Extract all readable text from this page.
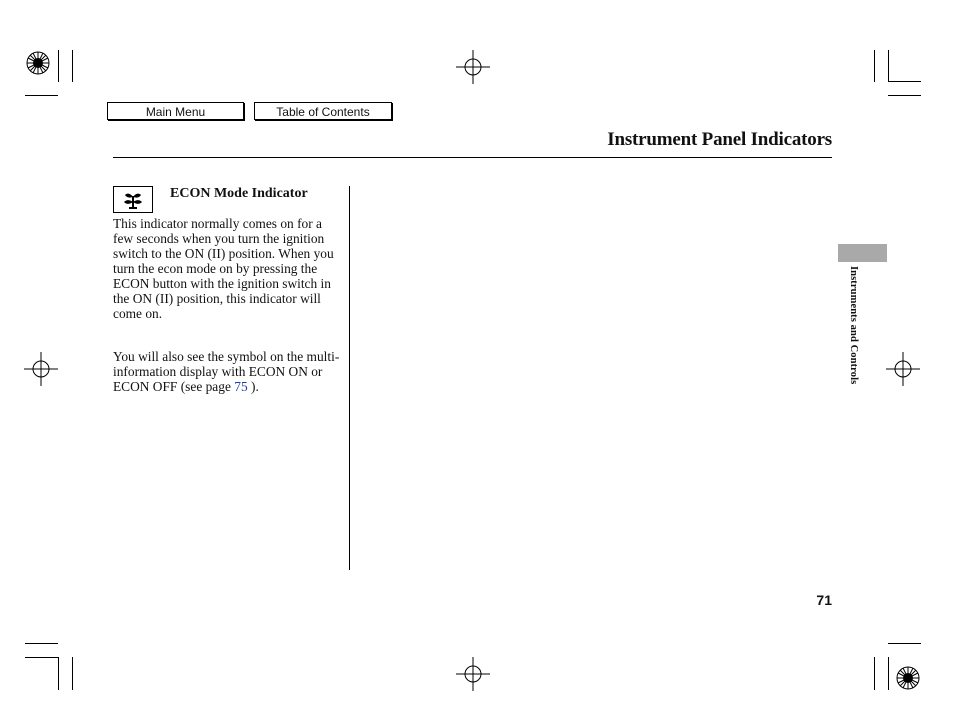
Main Menu	Table of Contents
Instrument Panel Indicators
ECON Mode Indicator
This indicator normally comes on for a few seconds when you turn the ignition switch to the ON (II) position. When you turn the econ mode on by pressing the ECON button with the ignition switch in the ON (II) position, this indicator will come on.
You will also see the symbol on the multi-information display with ECON ON or ECON OFF (see page 75 ).
Instruments and Controls
71
